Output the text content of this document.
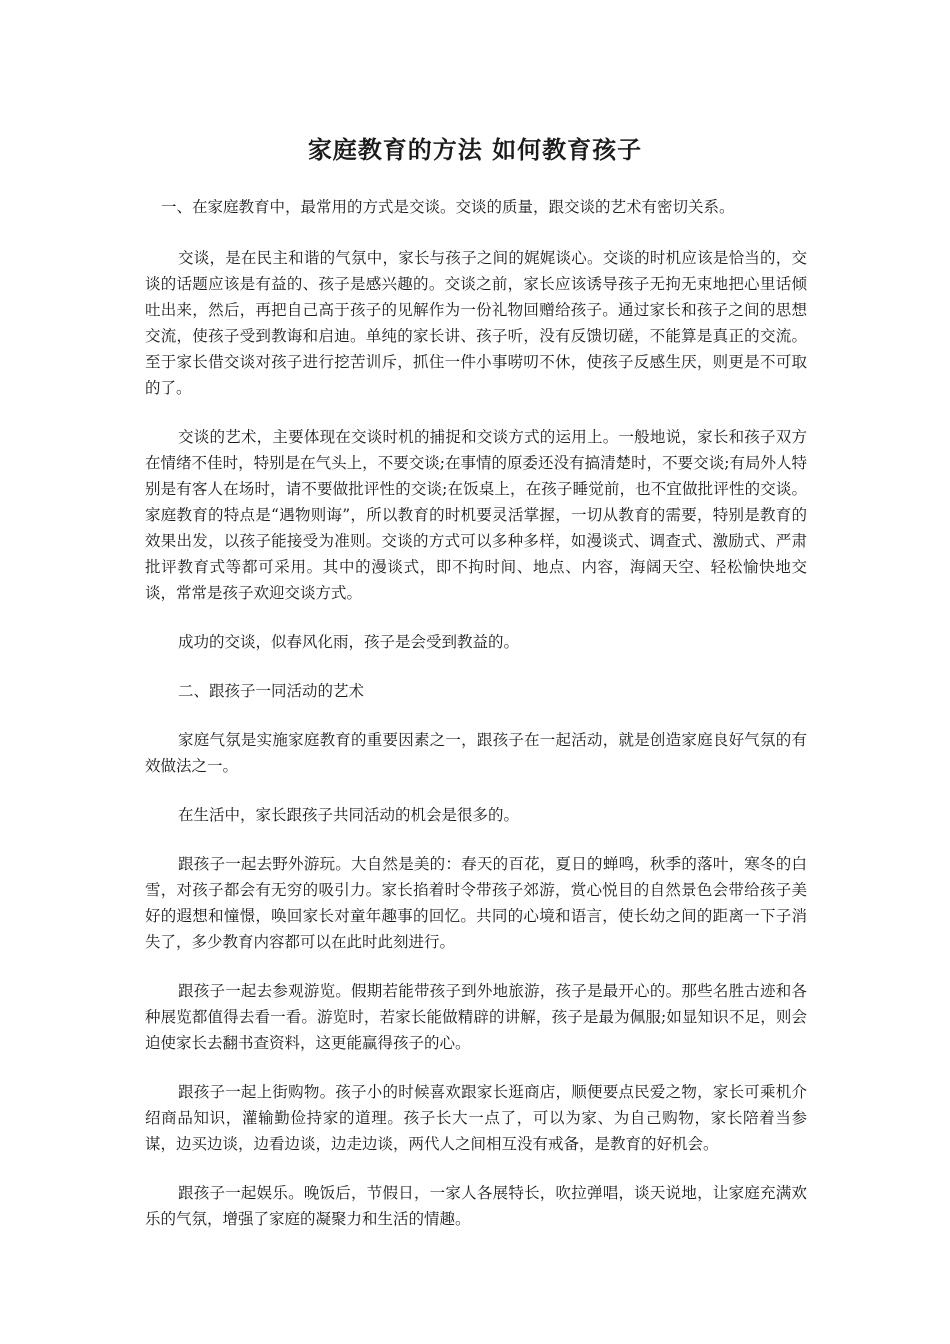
家庭教育的方法 如何教育孩子

一、在家庭教育中，最常用的方式是交谈。交谈的质量，跟交谈的艺术有密切关系。

交谈，是在民主和谐的气氛中，家长与孩子之间的娓娓谈心。交谈的时机应该是恰当的，交谈的话题应该是有益的、孩子是感兴趣的。交谈之前，家长应该诱导孩子无拘无束地把心里话倾吐出来，然后，再把自己高于孩子的见解作为一份礼物回赠给孩子。通过家长和孩子之间的思想交流，使孩子受到教诲和启迪。单纯的家长讲、孩子听，没有反馈切磋，不能算是真正的交流。至于家长借交谈对孩子进行挖苦训斥，抓住一件小事唠叨不休，使孩子反感生厌，则更是不可取的了。

交谈的艺术，主要体现在交谈时机的捕捉和交谈方式的运用上。一般地说，家长和孩子双方在情绪不佳时，特别是在气头上，不要交谈;在事情的原委还没有搞清楚时，不要交谈;有局外人特别是有客人在场时，请不要做批评性的交谈;在饭桌上，在孩子睡觉前，也不宜做批评性的交谈。家庭教育的特点是“遇物则诲”，所以教育的时机要灵活掌握，一切从教育的需要，特别是教育的效果出发，以孩子能接受为准则。交谈的方式可以多种多样，如漫谈式、调查式、激励式、严肃批评教育式等都可采用。其中的漫谈式，即不拘时间、地点、内容，海阔天空、轻松愉快地交谈，常常是孩子欢迎交谈方式。

成功的交谈，似春风化雨，孩子是会受到教益的。

二、跟孩子一同活动的艺术

家庭气氛是实施家庭教育的重要因素之一，跟孩子在一起活动，就是创造家庭良好气氛的有效做法之一。

在生活中，家长跟孩子共同活动的机会是很多的。

跟孩子一起去野外游玩。大自然是美的：春天的百花，夏日的蝉鸣，秋季的落叶，寒冬的白雪，对孩子都会有无穷的吸引力。家长掐着时令带孩子郊游，赏心悦目的自然景色会带给孩子美好的遐想和憧憬，唤回家长对童年趣事的回忆。共同的心境和语言，使长幼之间的距离一下子消失了，多少教育内容都可以在此时此刻进行。

跟孩子一起去参观游览。假期若能带孩子到外地旅游，孩子是最开心的。那些名胜古迹和各种展览都值得去看一看。游览时，若家长能做精辟的讲解，孩子是最为佩服;如显知识不足，则会迫使家长去翻书查资料，这更能赢得孩子的心。

跟孩子一起上街购物。孩子小的时候喜欢跟家长逛商店，顺便要点民爱之物，家长可乘机介绍商品知识，灌输勤俭持家的道理。孩子长大一点了，可以为家、为自己购物，家长陪着当参谋，边买边谈，边看边谈，边走边谈，两代人之间相互没有戒备，是教育的好机会。

跟孩子一起娱乐。晚饭后，节假日，一家人各展特长，吹拉弹唱，谈天说地，让家庭充满欢乐的气氛，增强了家庭的凝聚力和生活的情趣。
